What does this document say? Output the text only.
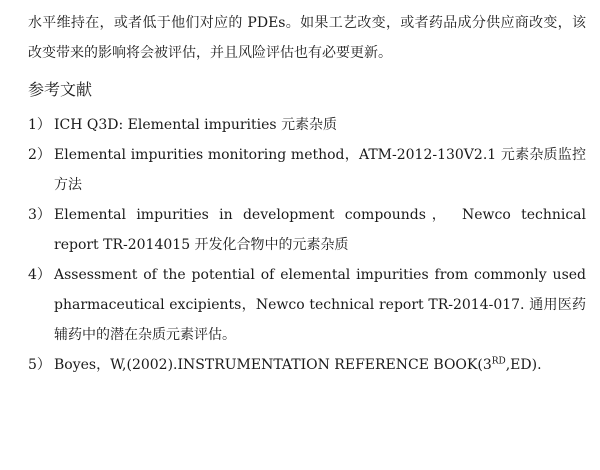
水平维持在，或者低于他们对应的 PDEs。如果工艺改变，或者药品成分供应商改变，该改变带来的影响将会被评估，并且风险评估也有必要更新。

参考文献
1） ICH Q3D: Elemental impurities 元素杂质
2） Elemental impurities monitoring method，ATM-2012-130V2.1 元素杂质监控方法
3） Elemental impurities in development compounds， Newco technical report TR-2014015 开发化合物中的元素杂质
4） Assessment of the potential of elemental impurities from commonly used pharmaceutical excipients，Newco technical report TR-2014-017. 通用医药辅药中的潜在杂质元素评估。
5） Boyes，W,(2002).INSTRUMENTATION REFERENCE BOOK(3RD,ED).
